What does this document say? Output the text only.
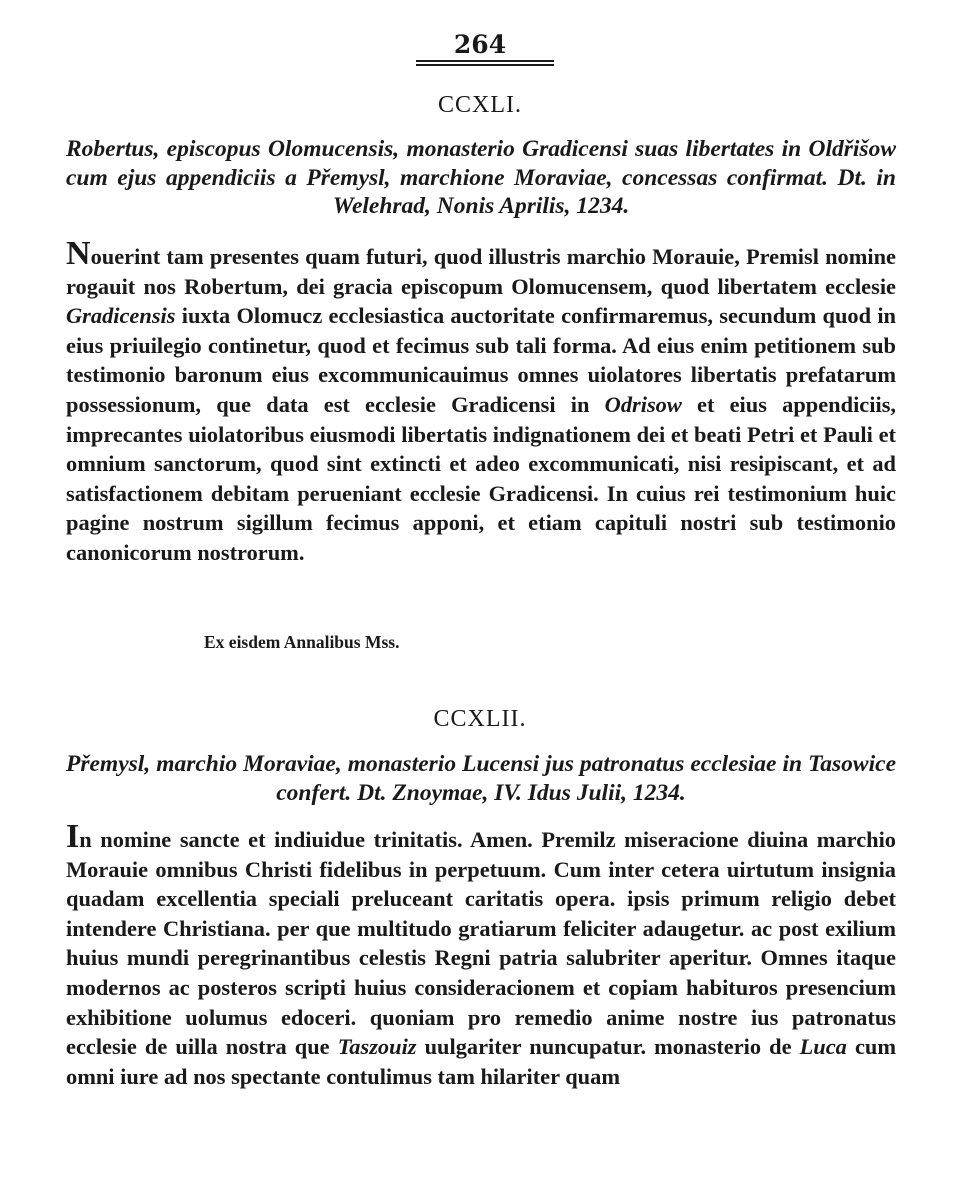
264
CCXLI.
Robertus, episcopus Olomucensis, monasterio Gradicensi suas libertates in Oldřišow cum ejus appendiciis a Přemysl, marchione Moraviae, concessas confirmat. Dt. in Welehrad, Nonis Aprilis, 1234.
Nouerint tam presentes quam futuri, quod illustris marchio Morauie, Premisl nomine rogauit nos Robertum, dei gracia episcopum Olomucensem, quod libertatem ecclesie Gradicensis iuxta Olomucz ecclesiastica auctoritate confirmaremus, secundum quod in eius priuilegio continetur, quod et fecimus sub tali forma. Ad eius enim petitionem sub testimonio baronum eius excommunicauimus omnes uiolatores libertatis prefatarum possessionum, que data est ecclesie Gradicensi in Odrisow et eius appendiciis, imprecantes uiolatoribus eiusmodi libertatis indignationem dei et beati Petri et Pauli et omnium sanctorum, quod sint extincti et adeo excommunicati, nisi resipiscant, et ad satisfactionem debitam perueniant ecclesie Gradicensi. In cuius rei testimonium huic pagine nostrum sigillum fecimus apponi, et etiam capituli nostri sub testimonio canonicorum nostrorum.
Ex eisdem Annalibus Mss.
CCXLII.
Přemysl, marchio Moraviae, monasterio Lucensi jus patronatus ecclesiae in Tasowice confert. Dt. Znoymae, IV. Idus Julii, 1234.
In nomine sancte et indiuidue trinitatis. Amen. Premilz miseracione diuina marchio Morauie omnibus Christi fidelibus in perpetuum. Cum inter cetera uirtutum insignia quadam excellentia speciali preluceant caritatis opera. ipsis primum religio debet intendere Christiana. per que multitudo gratiarum feliciter adaugetur. ac post exilium huius mundi peregrinantibus celestis Regni patria salubriter aperitur. Omnes itaque modernos ac posteros scripti huius consideracionem et copiam habituros presencium exhibitione uolumus edoceri. quoniam pro remedio anime nostre ius patronatus ecclesie de uilla nostra que Taszouiz uulgariter nuncupatur. monasterio de Luca cum omni iure ad nos spectante contulimus tam hilariter quam
